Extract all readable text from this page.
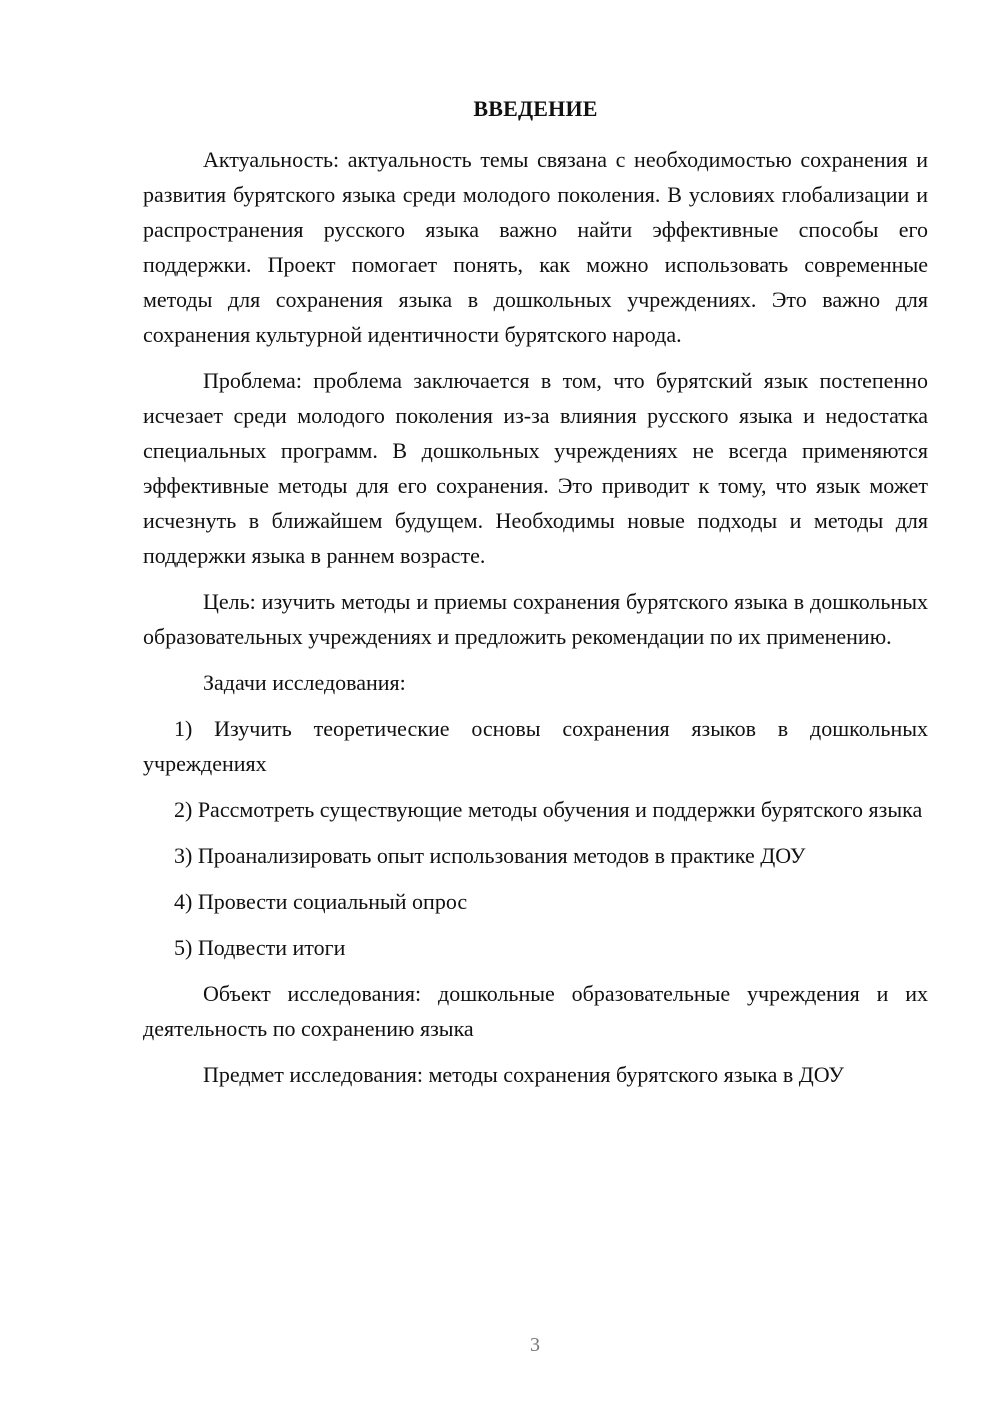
ВВЕДЕНИЕ

Актуальность: актуальность темы связана с необходимостью сохранения и развития бурятского языка среди молодого поколения. В условиях глобализации и распространения русского языка важно найти эффективные способы его поддержки. Проект помогает понять, как можно использовать современные методы для сохранения языка в дошкольных учреждениях. Это важно для сохранения культурной идентичности бурятского народа.

Проблема: проблема заключается в том, что бурятский язык постепенно исчезает среди молодого поколения из-за влияния русского языка и недостатка специальных программ. В дошкольных учреждениях не всегда применяются эффективные методы для его сохранения. Это приводит к тому, что язык может исчезнуть в ближайшем будущем. Необходимы новые подходы и методы для поддержки языка в раннем возрасте.

Цель: изучить методы и приемы сохранения бурятского языка в дошкольных образовательных учреждениях и предложить рекомендации по их применению.

Задачи исследования:

1) Изучить теоретические основы сохранения языков в дошкольных учреждениях

2) Рассмотреть существующие методы обучения и поддержки бурятского языка

3) Проанализировать опыт использования методов в практике ДОУ

4) Провести социальный опрос

5) Подвести итоги

Объект исследования: дошкольные образовательные учреждения и их деятельность по сохранению языка

Предмет исследования: методы сохранения бурятского языка в ДОУ

3
